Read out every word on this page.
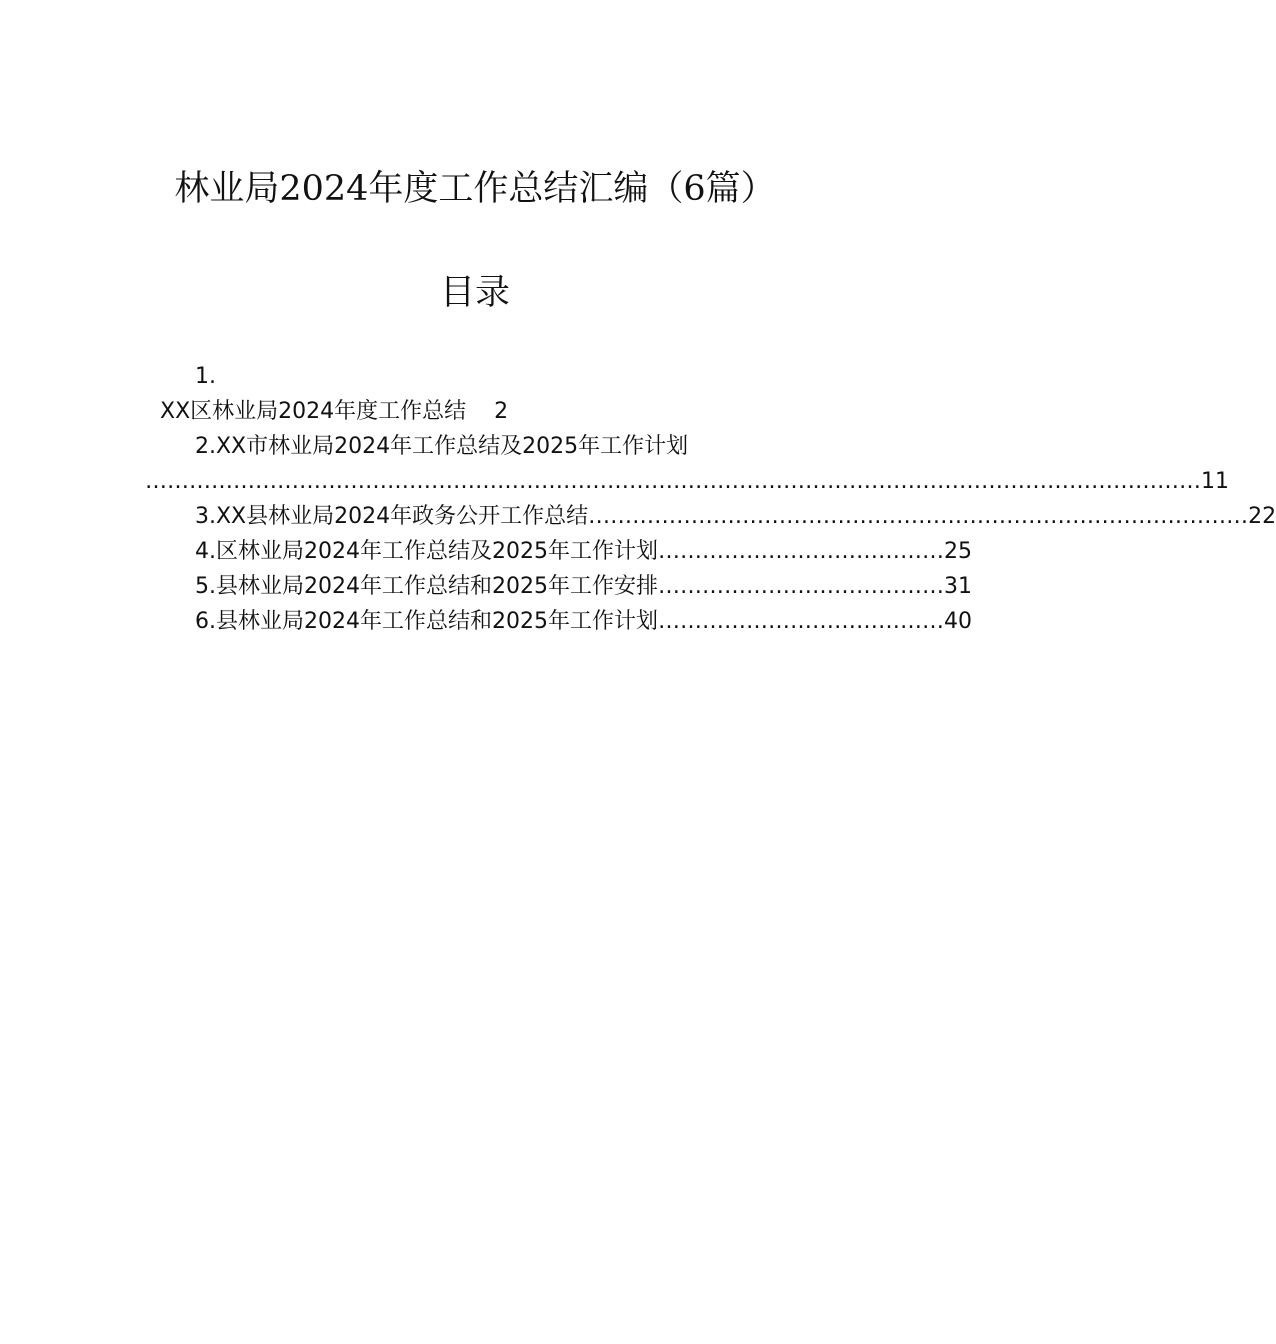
林业局2024年度工作总结汇编（6篇）
目录
1.
XX区林业局2024年度工作总结 2
2.XX市林业局2024年工作总结及2025年工作计划
……………………………………………………………………………………………………………………………… 11
3.XX县林业局2024年政务公开工作总结 ……………………………………………………………………………… 22
4.区林业局2024年工作总结及2025年工作计划 ………………………………… 25
5.县林业局2024年工作总结和2025年工作安排 ………………………………… 31
6.县林业局2024年工作总结和2025年工作计划 ………………………………… 40
